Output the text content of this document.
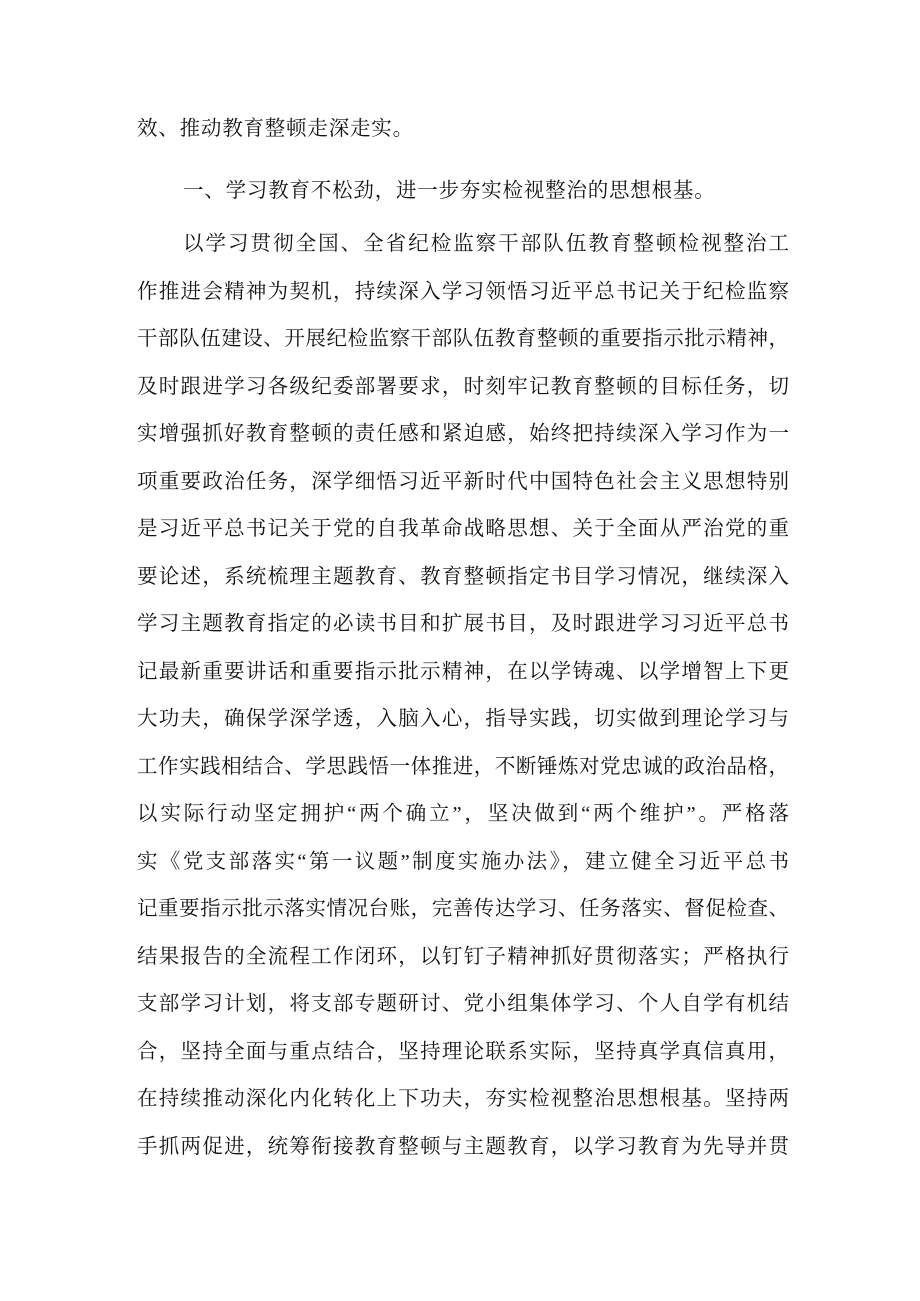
效、推动教育整顿走深走实。
一、学习教育不松劲，进一步夯实检视整治的思想根基。
以学习贯彻全国、全省纪检监察干部队伍教育整顿检视整治工
作推进会精神为契机，持续深入学习领悟习近平总书记关于纪检监察
干部队伍建设、开展纪检监察干部队伍教育整顿的重要指示批示精神，
及时跟进学习各级纪委部署要求，时刻牢记教育整顿的目标任务，切
实增强抓好教育整顿的责任感和紧迫感，始终把持续深入学习作为一
项重要政治任务，深学细悟习近平新时代中国特色社会主义思想特别
是习近平总书记关于党的自我革命战略思想、关于全面从严治党的重
要论述，系统梳理主题教育、教育整顿指定书目学习情况，继续深入
学习主题教育指定的必读书目和扩展书目，及时跟进学习习近平总书
记最新重要讲话和重要指示批示精神，在以学铸魂、以学增智上下更
大功夫，确保学深学透，入脑入心，指导实践，切实做到理论学习与
工作实践相结合、学思践悟一体推进，不断锤炼对党忠诚的政治品格，
以实际行动坚定拥护“两个确立”，坚决做到“两个维护”。严格落
实《党支部落实“第一议题”制度实施办法》，建立健全习近平总书
记重要指示批示落实情况台账，完善传达学习、任务落实、督促检查、
结果报告的全流程工作闭环，以钉钉子精神抓好贯彻落实；严格执行
支部学习计划，将支部专题研讨、党小组集体学习、个人自学有机结
合，坚持全面与重点结合，坚持理论联系实际，坚持真学真信真用，
在持续推动深化内化转化上下功夫，夯实检视整治思想根基。坚持两
手抓两促进，统筹衔接教育整顿与主题教育，以学习教育为先导并贯
